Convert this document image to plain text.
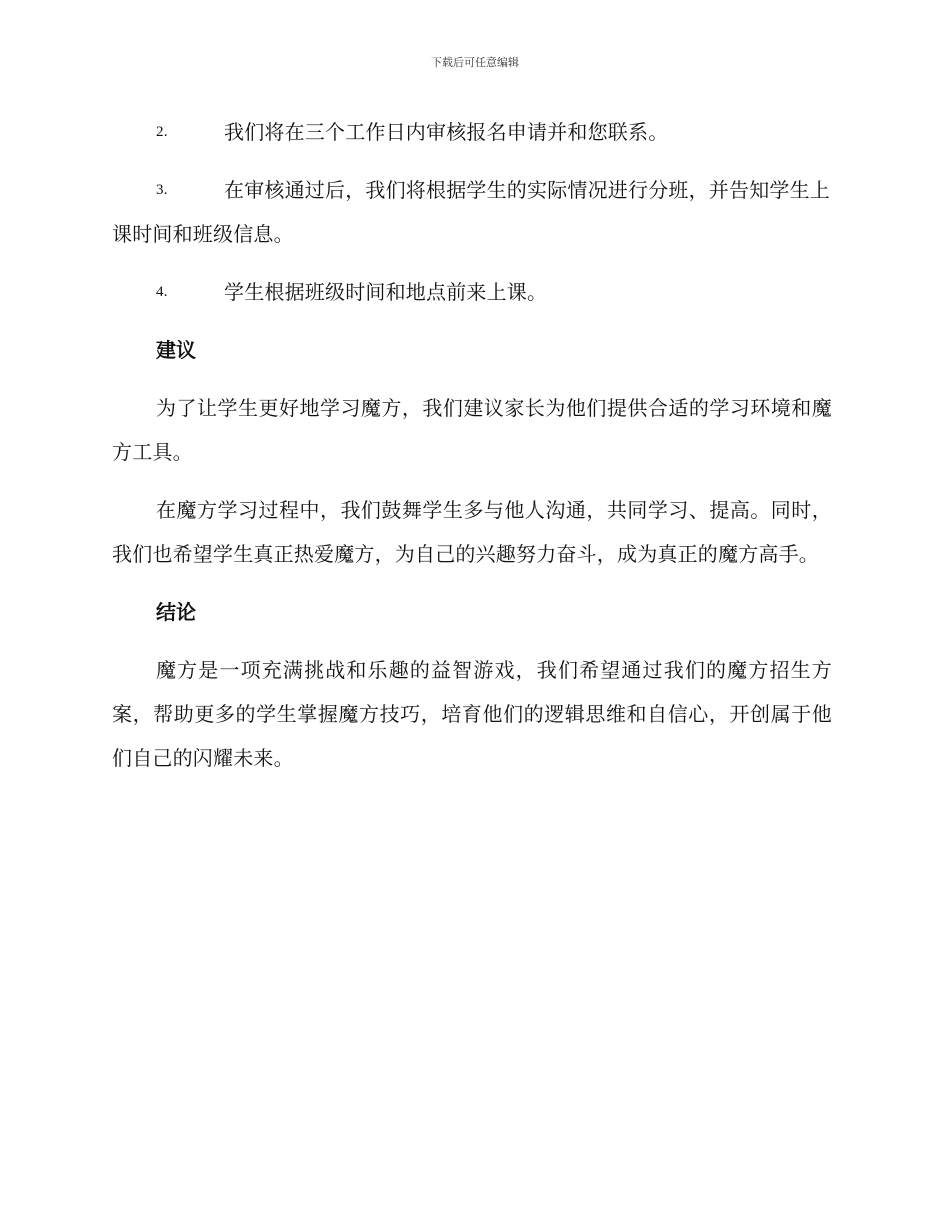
下载后可任意编辑
2.	我们将在三个工作日内审核报名申请并和您联系。
3.	在审核通过后，我们将根据学生的实际情况进行分班，并告知学生上课时间和班级信息。
4.	学生根据班级时间和地点前来上课。
建议

为了让学生更好地学习魔方，我们建议家长为他们提供合适的学习环境和魔方工具。

在魔方学习过程中，我们鼓舞学生多与他人沟通，共同学习、提高。同时，我们也希望学生真正热爱魔方，为自己的兴趣努力奋斗，成为真正的魔方高手。

结论

魔方是一项充满挑战和乐趣的益智游戏，我们希望通过我们的魔方招生方案，帮助更多的学生掌握魔方技巧，培育他们的逻辑思维和自信心，开创属于他们自己的闪耀未来。
